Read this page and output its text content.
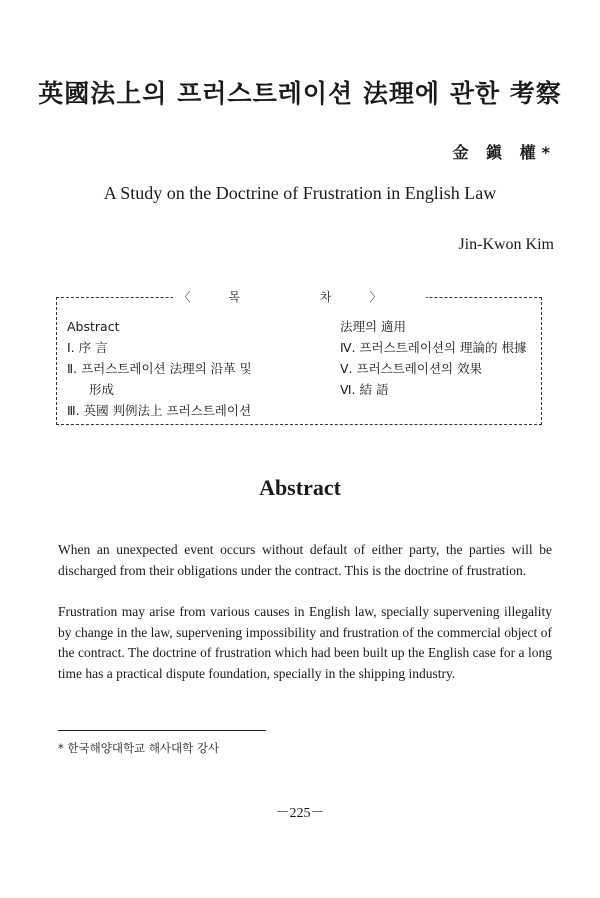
英國法上의 프러스트레이션 法理에 관한 考察
金 鎭 權*
A Study on the Doctrine of Frustration in English Law
Jin-Kwon Kim
〈목 차〉
Abstract
Ⅰ. 序 言
Ⅱ. 프러스트레이션 法理의 沿革 및
形成
Ⅲ. 英國 判例法上 프러스트레이션
法理의 適用
Ⅳ. 프러스트레이션의 理論的 根據
Ⅴ. 프러스트레이션의 效果
Ⅵ. 結 語
Abstract
When an unexpected event occurs without default of either party, the parties will be discharged from their obligations under the contract. This is the doctrine of frustration.
Frustration may arise from various causes in English law, specially supervening illegality by change in the law, supervening impossibility and frustration of the commercial object of the contract. The doctrine of frustration which had been built up the English case for a long time has a practical dispute foundation, specially in the shipping industry.
* 한국해양대학교 해사대학 강사
－225－
